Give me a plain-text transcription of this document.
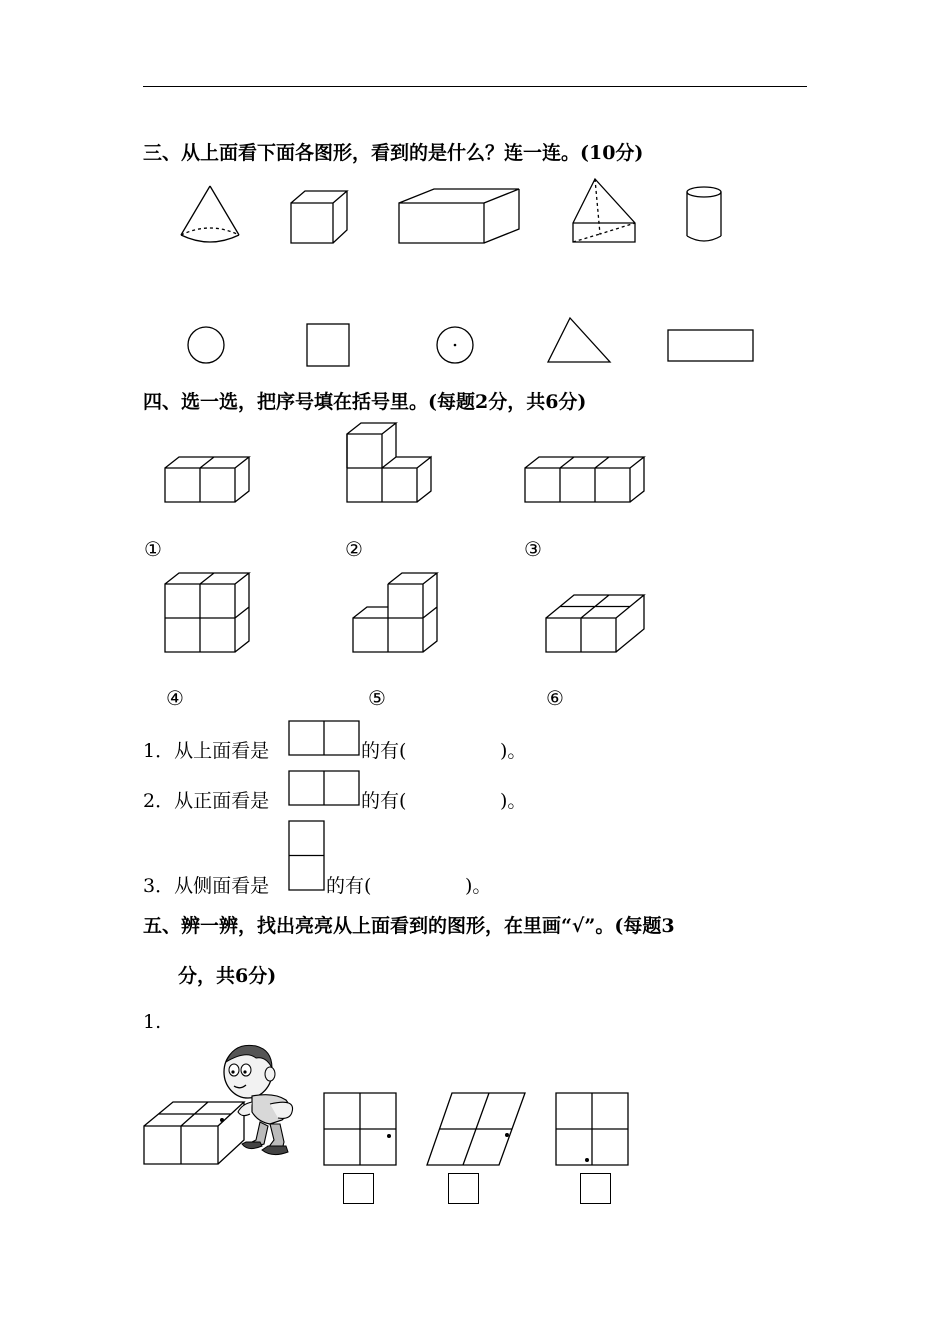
三、从上面看下面各图形，看到的是什么？连一连。(10分)
四、选一选，把序号填在括号里。(每题2分，共6分)
①	②	③
④	⑤	⑥
1．从上面看是	的有(	)。
2．从正面看是	的有(	)。
3．从侧面看是	的有(	)。
五、辨一辨，找出亮亮从上面看到的图形，在里画“√”。(每题3
分，共6分)
1.
